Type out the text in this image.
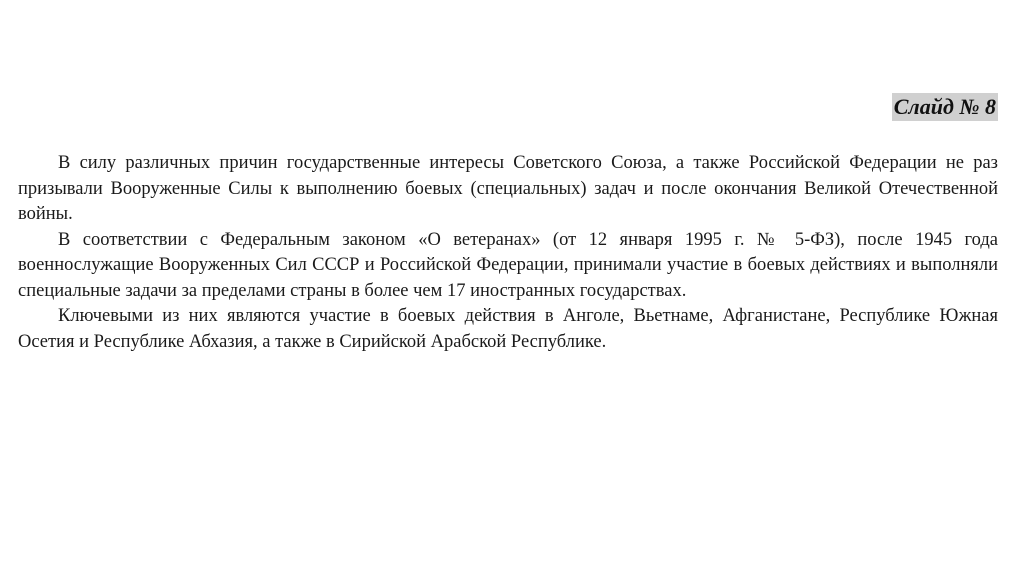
Слайд № 8

В силу различных причин государственные интересы Советского Союза, а также Российской Федерации не раз призывали Вооруженные Силы к выполнению боевых (специальных) задач и после окончания Великой Отечественной войны.

В соответствии с Федеральным законом «О ветеранах» (от 12 января 1995 г. № 5-ФЗ), после 1945 года военнослужащие Вооруженных Сил СССР и Российской Федерации, принимали участие в боевых действиях и выполняли специальные задачи за пределами страны в более чем 17 иностранных государствах.

Ключевыми из них являются участие в боевых действия в Анголе, Вьетнаме, Афганистане, Республике Южная Осетия и Республике Абхазия, а также в Сирийской Арабской Республике.
